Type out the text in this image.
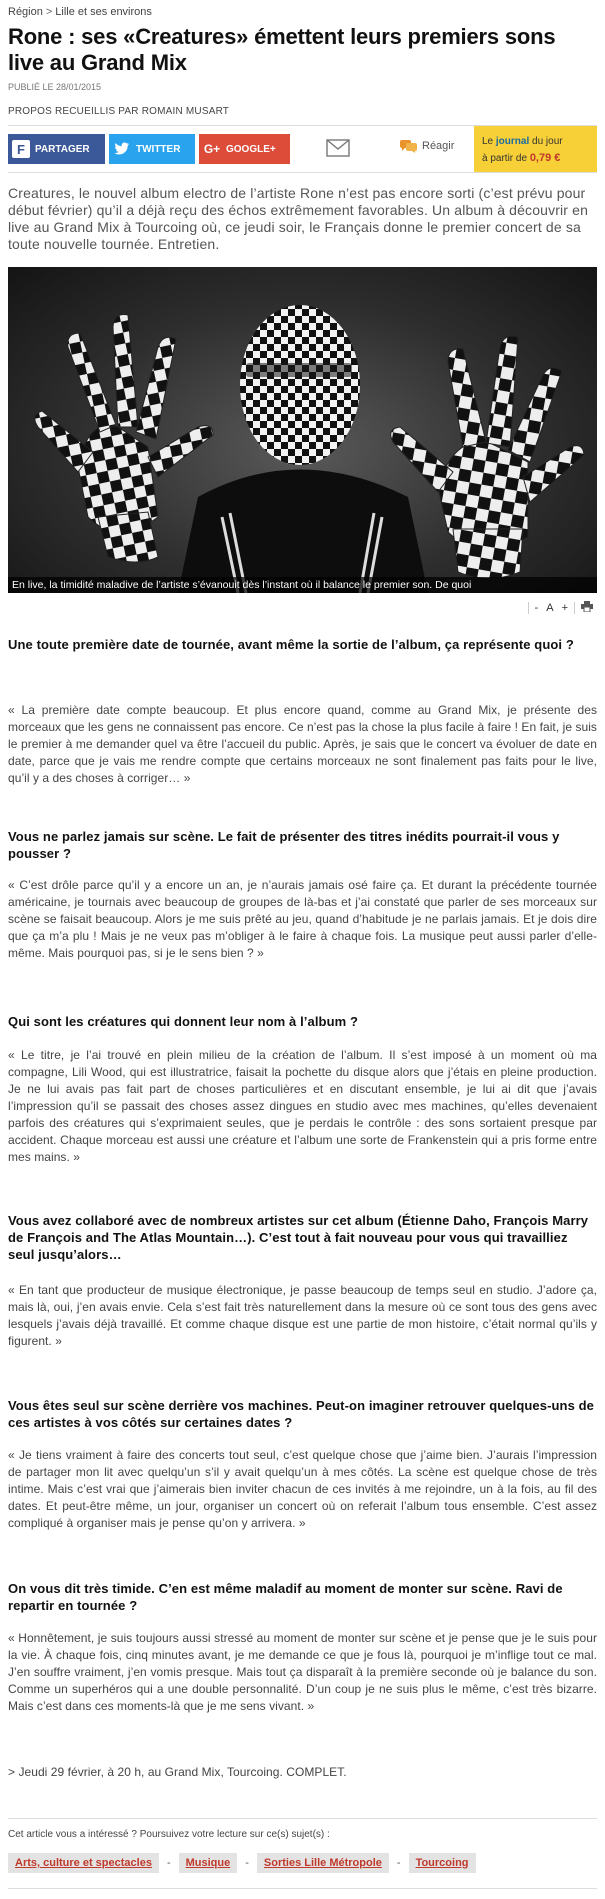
Région > Lille et ses environs
Rone : ses «Creatures» émettent leurs premiers sons live au Grand Mix
PUBLIÉ LE 28/01/2015
PROPOS RECUEILLIS PAR ROMAIN MUSART
F	PARTAGER	TWITTER G+ GOOGLE+	Réagir	Le journal du jour
à partir de 0,79 €

Creatures, le nouvel album electro de l’artiste Rone n’est pas encore sorti (c’est prévu pour début février) qu’il a déjà reçu des échos extrêmement favorables. Un album à découvrir en live au Grand Mix à Tourcoing où, ce jeudi soir, le Français donne le premier concert de sa toute nouvelle tournée. Entretien.

En live, la timidité maladive de l’artiste s’évanouit dès l’instant où il balance le premier son. De quoi
- A +

Une toute première date de tournée, avant même la sortie de l’album, ça représente quoi ?

« La première date compte beaucoup. Et plus encore quand, comme au Grand Mix, je présente des morceaux que les gens ne connaissent pas encore. Ce n’est pas la chose la plus facile à faire ! En fait, je suis le premier à me demander quel va être l’accueil du public. Après, je sais que le concert va évoluer de date en date, parce que je vais me rendre compte que certains morceaux ne sont finalement pas faits pour le live, qu’il y a des choses à corriger… »

Vous ne parlez jamais sur scène. Le fait de présenter des titres inédits pourrait-il vous y pousser ?

« C’est drôle parce qu’il y a encore un an, je n’aurais jamais osé faire ça. Et durant la précédente tournée américaine, je tournais avec beaucoup de groupes de là-bas et j’ai constaté que parler de ses morceaux sur scène se faisait beaucoup. Alors je me suis prêté au jeu, quand d’habitude je ne parlais jamais. Et je dois dire que ça m’a plu ! Mais je ne veux pas m’obliger à le faire à chaque fois. La musique peut aussi parler d’elle-même. Mais pourquoi pas, si je le sens bien ? »

Qui sont les créatures qui donnent leur nom à l’album ?

« Le titre, je l’ai trouvé en plein milieu de la création de l’album. Il s’est imposé à un moment où ma compagne, Lili Wood, qui est illustratrice, faisait la pochette du disque alors que j’étais en pleine production. Je ne lui avais pas fait part de choses particulières et en discutant ensemble, je lui ai dit que j’avais l’impression qu’il se passait des choses assez dingues en studio avec mes machines, qu’elles devenaient parfois des créatures qui s’exprimaient seules, que je perdais le contrôle : des sons sortaient presque par accident. Chaque morceau est aussi une créature et l’album une sorte de Frankenstein qui a pris forme entre mes mains. »

Vous avez collaboré avec de nombreux artistes sur cet album (Étienne Daho, François Marry de François and The Atlas Mountain…). C’est tout à fait nouveau pour vous qui travailliez seul jusqu’alors…

« En tant que producteur de musique électronique, je passe beaucoup de temps seul en studio. J’adore ça, mais là, oui, j’en avais envie. Cela s’est fait très naturellement dans la mesure où ce sont tous des gens avec lesquels j’avais déjà travaillé. Et comme chaque disque est une partie de mon histoire, c’était normal qu’ils y figurent. »

Vous êtes seul sur scène derrière vos machines. Peut-on imaginer retrouver quelques-uns de ces artistes à vos côtés sur certaines dates ?

« Je tiens vraiment à faire des concerts tout seul, c’est quelque chose que j’aime bien. J’aurais l’impression de partager mon lit avec quelqu’un s’il y avait quelqu’un à mes côtés. La scène est quelque chose de très intime. Mais c’est vrai que j’aimerais bien inviter chacun de ces invités à me rejoindre, un à la fois, au fil des dates. Et peut-être même, un jour, organiser un concert où on referait l’album tous ensemble. C’est assez compliqué à organiser mais je pense qu’on y arrivera. »

On vous dit très timide. C’en est même maladif au moment de monter sur scène. Ravi de repartir en tournée ?

« Honnêtement, je suis toujours aussi stressé au moment de monter sur scène et je pense que je le suis pour la vie. À chaque fois, cinq minutes avant, je me demande ce que je fous là, pourquoi je m’inflige tout ce mal. J’en souffre vraiment, j’en vomis presque. Mais tout ça disparaît à la première seconde où je balance du son. Comme un superhéros qui a une double personnalité. D’un coup je ne suis plus le même, c’est très bizarre. Mais c’est dans ces moments-là que je me sens vivant. »

> Jeudi 29 février, à 20 h, au Grand Mix, Tourcoing. COMPLET.

Cet article vous a intéressé ? Poursuivez votre lecture sur ce(s) sujet(s) :
Arts, culture et spectacles	-	Musique	-	Sorties Lille Métropole	-	Tourcoing
